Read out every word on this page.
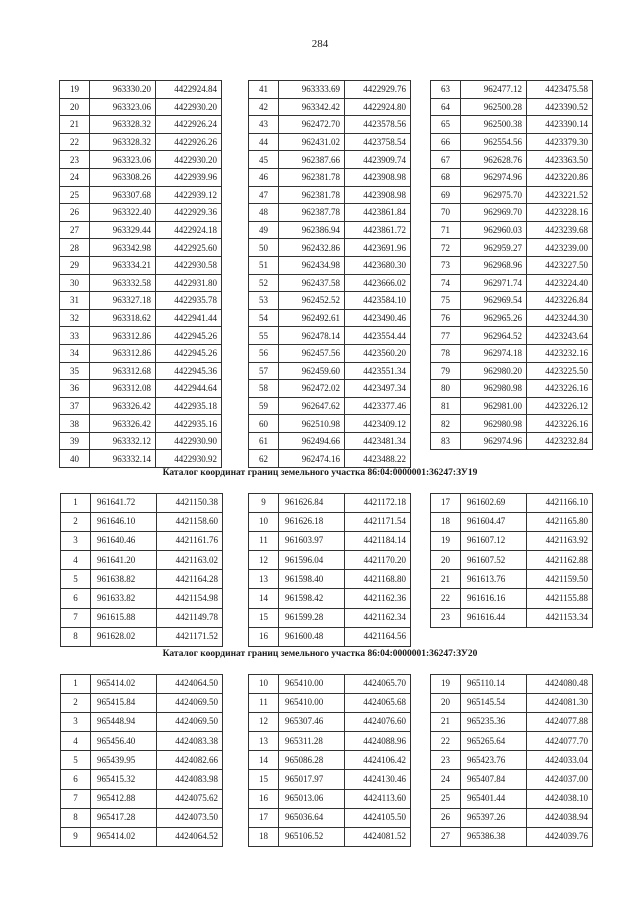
284
19	963330.20	4422924.84
20	963323.06	4422930.20
21	963328.32	4422926.24
22	963328.32	4422926.26
23	963323.06	4422930.20
24	963308.26	4422939.96
25	963307.68	4422939.12
26	963322.40	4422929.36
27	963329.44	4422924.18
28	963342.98	4422925.60
29	963334.21	4422930.58
30	963332.58	4422931.80
31	963327.18	4422935.78
32	963318.62	4422941.44
33	963312.86	4422945.26
34	963312.86	4422945.26
35	963312.68	4422945.36
36	963312.08	4422944.64
37	963326.42	4422935.18
38	963326.42	4422935.16
39	963332.12	4422930.90
40	963332.14	4422930.92
41	963333.69	4422929.76
42	963342.42	4422924.80
43	962472.70	4423578.56
44	962431.02	4423758.54
45	962387.66	4423909.74
46	962381.78	4423908.98
47	962381.78	4423908.98
48	962387.78	4423861.84
49	962386.94	4423861.72
50	962432.86	4423691.96
51	962434.98	4423680.30
52	962437.58	4423666.02
53	962452.52	4423584.10
54	962492.61	4423490.46
55	962478.14	4423554.44
56	962457.56	4423560.20
57	962459.60	4423551.34
58	962472.02	4423497.34
59	962647.62	4423377.46
60	962510.98	4423409.12
61	962494.66	4423481.34
62	962474.16	4423488.22
63	962477.12	4423475.58
64	962500.28	4423390.52
65	962500.38	4423390.14
66	962554.56	4423379.30
67	962628.76	4423363.50
68	962974.96	4423220.86
69	962975.70	4423221.52
70	962969.70	4423228.16
71	962960.03	4423239.68
72	962959.27	4423239.00
73	962968.96	4423227.50
74	962971.74	4423224.40
75	962969.54	4423226.84
76	962965.26	4423244.30
77	962964.52	4423243.64
78	962974.18	4423232.16
79	962980.20	4423225.50
80	962980.98	4423226.16
81	962981.00	4423226.12
82	962980.98	4423226.16
83	962974.96	4423232.84
Каталог координат границ земельного участка 86:04:0000001:36247:ЗУ19
1	961641.72	4421150.38
2	961646.10	4421158.60
3	961640.46	4421161.76
4	961641.20	4421163.02
5	961638.82	4421164.28
6	961633.82	4421154.98
7	961615.88	4421149.78
8	961628.02	4421171.52
9	961626.84	4421172.18
10	961626.18	4421171.54
11	961603.97	4421184.14
12	961596.04	4421170.20
13	961598.40	4421168.80
14	961598.42	4421162.36
15	961599.28	4421162.34
16	961600.48	4421164.56
17	961602.69	4421166.10
18	961604.47	4421165.80
19	961607.12	4421163.92
20	961607.52	4421162.88
21	961613.76	4421159.50
22	961616.16	4421155.88
23	961616.44	4421153.34
Каталог координат границ земельного участка 86:04:0000001:36247:ЗУ20
1	965414.02	4424064.50
2	965415.84	4424069.50
3	965448.94	4424069.50
4	965456.40	4424083.38
5	965439.95	4424082.66
6	965415.32	4424083.98
7	965412.88	4424075.62
8	965417.28	4424073.50
9	965414.02	4424064.52
10	965410.00	4424065.70
11	965410.00	4424065.68
12	965307.46	4424076.60
13	965311.28	4424088.96
14	965086.28	4424106.42
15	965017.97	4424130.46
16	965013.06	4424113.60
17	965036.64	4424105.50
18	965106.52	4424081.52
19	965110.14	4424080.48
20	965145.54	4424081.30
21	965235.36	4424077.88
22	965265.64	4424077.70
23	965423.76	4424033.04
24	965407.84	4424037.00
25	965401.44	4424038.10
26	965397.26	4424038.94
27	965386.38	4424039.76
